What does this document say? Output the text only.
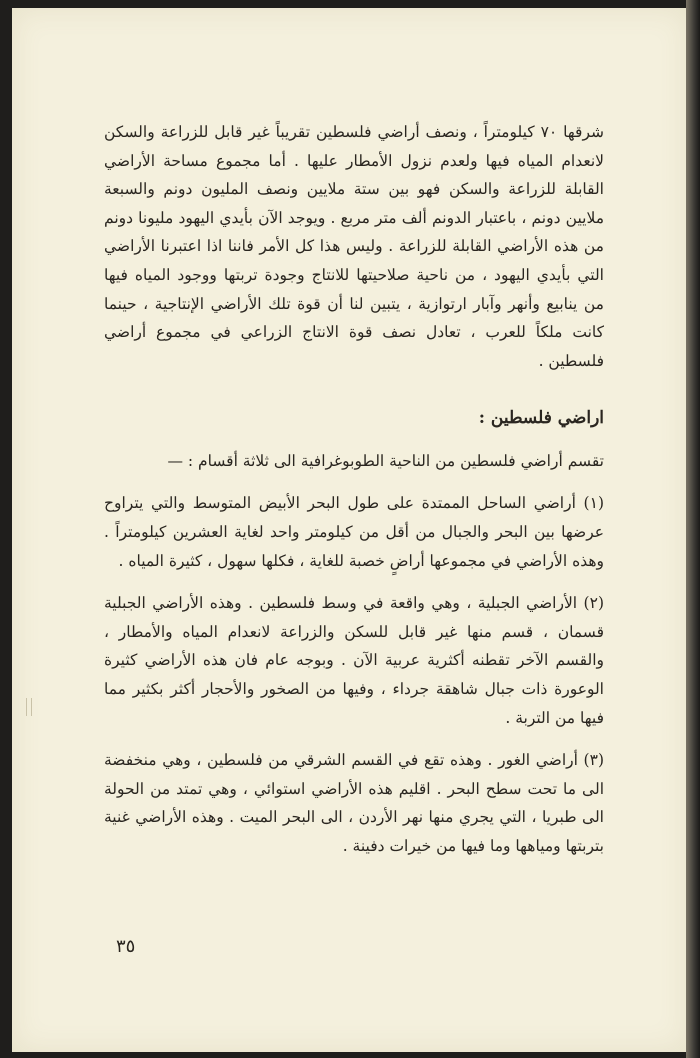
شرقها ٧٠ كيلومتراً ، ونصف أراضي فلسطين تقريباً غير قابل للزراعة والسكن لانعدام المياه فيها ولعدم نزول الأمطار عليها . أما مجموع مساحة الأراضي القابلة للزراعة والسكن فهو بين ستة ملايين ونصف المليون دونم والسبعة ملايين دونم ، باعتبار الدونم ألف متر مربع . ويوجد الآن بأيدي اليهود مليونا دونم من هذه الأراضي القابلة للزراعة . وليس هذا كل الأمر فاننا اذا اعتبرنا الأراضي التي بأيدي اليهود ، من ناحية صلاحيتها للانتاج وجودة تربتها ووجود المياه فيها من ينابيع وأنهر وآبار ارتوازية ، يتبين لنا أن قوة تلك الأراضي الإنتاجية ، حينما كانت ملكاً للعرب ، تعادل نصف قوة الانتاج الزراعي في مجموع أراضي فلسطين .

اراضي فلسطين :

تقسم أراضي فلسطين من الناحية الطوبوغرافية الى ثلاثة أقسام : —

(١) أراضي الساحل الممتدة على طول البحر الأبيض المتوسط والتي يتراوح عرضها بين البحر والجبال من أقل من كيلومتر واحد لغاية العشرين كيلومتراً . وهذه الأراضي في مجموعها أراضٍ خصبة للغاية ، فكلها سهول ، كثيرة المياه .

(٢) الأراضي الجبلية ، وهي واقعة في وسط فلسطين . وهذه الأراضي الجبلية قسمان ، قسم منها غير قابل للسكن والزراعة لانعدام المياه والأمطار ، والقسم الآخر تقطنه أكثرية عربية الآن . وبوجه عام فان هذه الأراضي كثيرة الوعورة ذات جبال شاهقة جرداء ، وفيها من الصخور والأحجار أكثر بكثير مما فيها من التربة .

(٣) أراضي الغور . وهذه تقع في القسم الشرقي من فلسطين ، وهي منخفضة الى ما تحت سطح البحر . اقليم هذه الأراضي استوائي ، وهي تمتد من الحولة الى طبريا ، التي يجري منها نهر الأردن ، الى البحر الميت . وهذه الأراضي غنية بتربتها ومياهها وما فيها من خيرات دفينة .

٣٥
